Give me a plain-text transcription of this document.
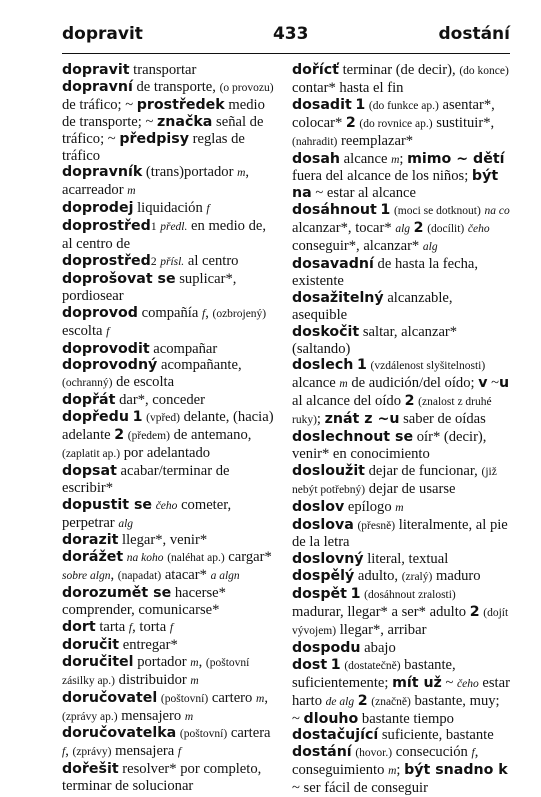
dopravit	433	dostání

dopravit transportar

dopravní de transporte, (o provozu) de tráfico; ~ prostředek medio de transporte; ~ značka señal de tráfico; ~ předpisy reglas de tráfico

dopravník (trans)portador m, acarreador m

doprodej liquidación f

doprostřed1 předl. en medio de, al centro de

doprostřed2 přísl. al centro

doprošovat se suplicar*, pordiosear

doprovod compañía f, (ozbrojený) escolta f

doprovodit acompañar

doprovodný acompañante, (ochranný) de escolta

dopřát dar*, conceder

dopředu 1 (vpřed) delante, (hacia) adelante 2 (předem) de antemano, (zaplatit ap.) por adelantado

dopsat acabar/terminar de escribir*

dopustit se čeho cometer, perpetrar alg

dorazit llegar*, venir*

dorážet na koho (naléhat ap.) cargar* sobre algn, (napadat) atacar* a algn

dorozumět se hacerse* comprender, comunicarse*

dort tarta f, torta f

doručit entregar*

doručitel portador m, (poštovní zásilky ap.) distribuidor m

doručovatel (poštovní) cartero m, (zprávy ap.) mensajero m

doručovatelka (poštovní) cartera f, (zprávy) mensajera f

dořešit resolver* por completo, terminar de solucionar

dořícť terminar (de decir), (do konce) contar* hasta el fin

dosadit 1 (do funkce ap.) asentar*, colocar* 2 (do rovnice ap.) sustituir*, (nahradit) reemplazar*

dosah alcance m; mimo ~ dětí fuera del alcance de los niños; být na ~ estar al alcance

dosáhnout 1 (moci se dotknout) na co alcanzar*, tocar* alg 2 (docílit) čeho conseguir*, alcanzar* alg

dosavadní de hasta la fecha, existente

dosažitelný alcanzable, asequible

doskočit saltar, alcanzar* (saltando)

doslech 1 (vzdálenost slyšitelnosti) alcance m de audición/del oído; v ~u al alcance del oído 2 (znalost z druhé ruky); znát z ~u saber de oídas

doslechnout se oír* (decir), venir* en conocimiento

dosloužit dejar de funcionar, (již nebýt potřebný) dejar de usarse

doslov epílogo m

doslova (přesně) literalmente, al pie de la letra

doslovný literal, textual

dospělý adulto, (zralý) maduro

dospět 1 (dosáhnout zralosti) madurar, llegar* a ser* adulto 2 (dojít vývojem) llegar*, arribar

dospodu abajo

dost 1 (dostatečně) bastante, suficientemente; mít už ~ čeho estar harto de alg 2 (značně) bastante, muy; ~ dlouho bastante tiempo

dostačující suficiente, bastante

dostání (hovor.) consecución f, conseguimiento m; být snadno k ~ ser fácil de conseguir
